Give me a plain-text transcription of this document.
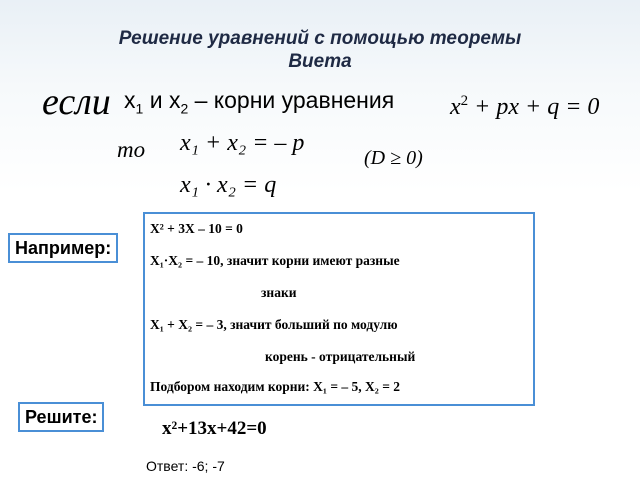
Решение уравнений с помощью теоремы
Виета
если $x_1$ и $x_2$ – корни уравнения $x^2$ + px + q = 0
то x₁ + x₂ = – p
x₁ · x₂ = q
(D ≥ 0)
Например:
Х² + 3Х – 10 = 0
Х₁·Х₂ = – 10, значит корни имеют разные
знаки
Х₁ + Х₂ = – 3, значит больший по модулю
корень - отрицательный
Подбором находим корни: Х₁ = – 5, Х₂ = 2
Решите:
x²+13x+42=0
Ответ: -6; -7
